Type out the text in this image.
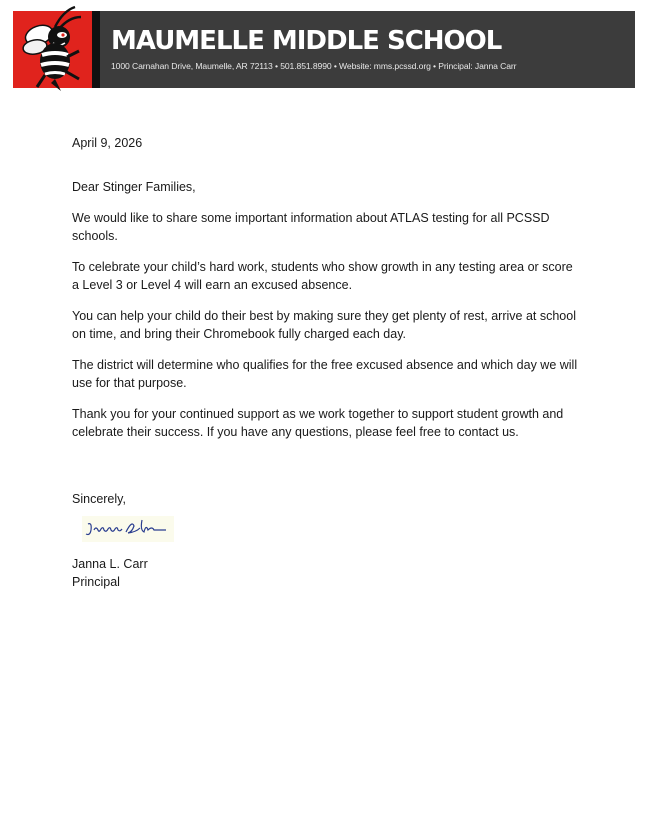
MAUMELLE MIDDLE SCHOOL
1000 Carnahan Drive, Maumelle, AR 72113 • 501.851.8990 • Website: mms.pcssd.org • Principal: Janna Carr

April 9, 2026

Dear Stinger Families,

We would like to share some important information about ATLAS testing for all PCSSD schools.

To celebrate your child’s hard work, students who show growth in any testing area or score a Level 3 or Level 4 will earn an excused absence.

You can help your child do their best by making sure they get plenty of rest, arrive at school on time, and bring their Chromebook fully charged each day.

The district will determine who qualifies for the free excused absence and which day we will use for that purpose.

Thank you for your continued support as we work together to support student growth and celebrate their success. If you have any questions, please feel free to contact us.

Sincerely,

Janna L. Carr

Principal
